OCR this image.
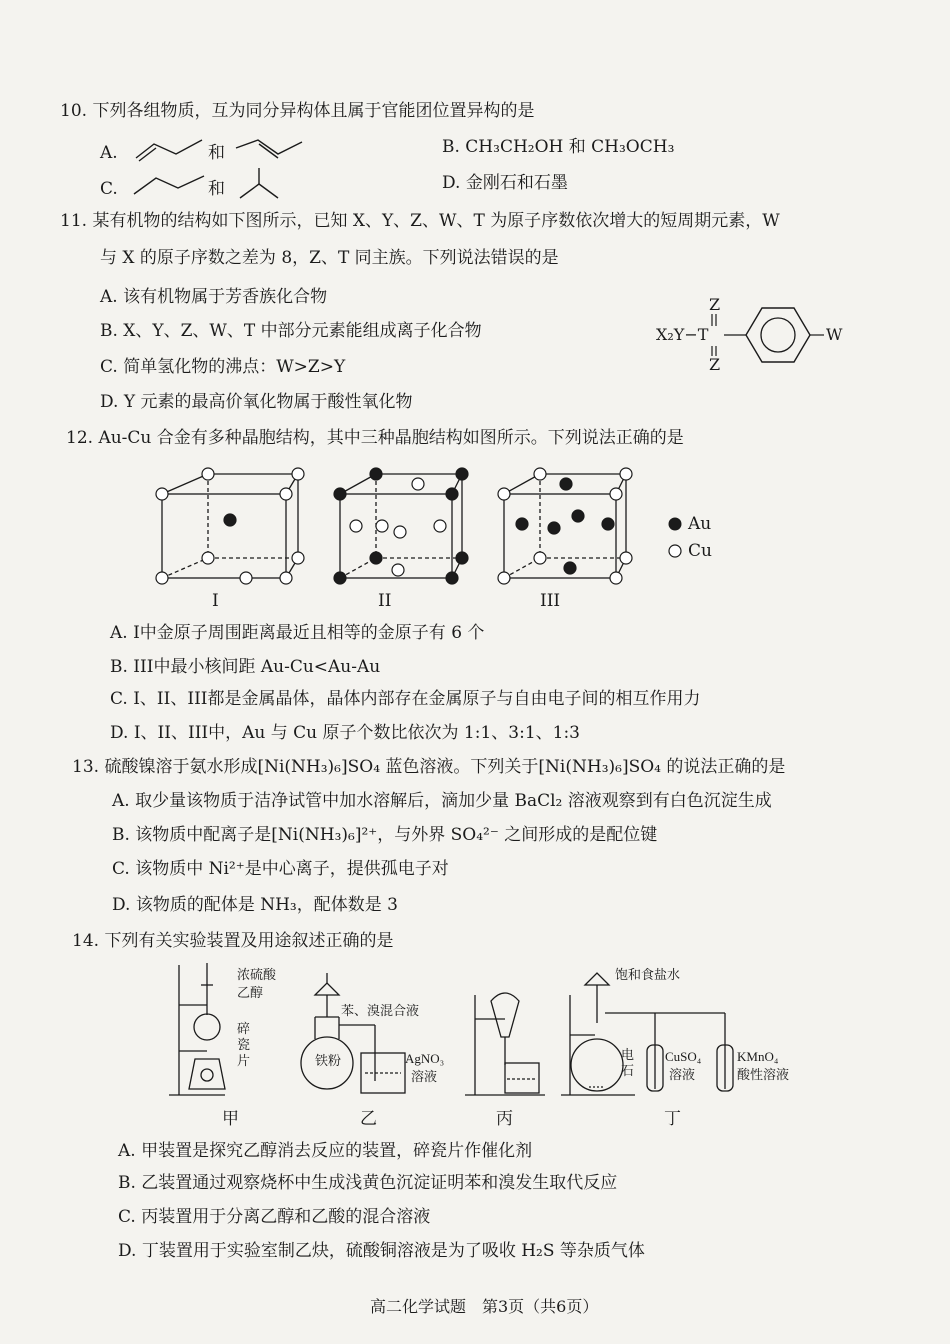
10. 下列各组物质，互为同分异构体且属于官能团位置异构的是
A.	和	B. CH₃CH₂OH 和 CH₃OCH₃
C.	和	D. 金刚石和石墨
11. 某有机物的结构如下图所示，已知 X、Y、Z、W、T 为原子序数依次增大的短周期元素，W
与 X 的原子序数之差为 8，Z、T 同主族。下列说法错误的是
A. 该有机物属于芳香族化合物
B. X、Y、Z、W、T 中部分元素能组成离子化合物
C. 简单氢化物的沸点：W>Z>Y
D. Y 元素的最高价氧化物属于酸性氧化物
Z
X₂Y−T
Z
W
12. Au-Cu 合金有多种晶胞结构，其中三种晶胞结构如图所示。下列说法正确的是
Au
Cu
I	II	III
A. I中金原子周围距离最近且相等的金原子有 6 个
B. III中最小核间距 Au-Cu<Au-Au
C. I、II、III都是金属晶体，晶体内部存在金属原子与自由电子间的相互作用力
D. I、II、III中，Au 与 Cu 原子个数比依次为 1:1、3:1、1:3
13. 硫酸镍溶于氨水形成[Ni(NH₃)₆]SO₄ 蓝色溶液。下列关于[Ni(NH₃)₆]SO₄ 的说法正确的是
A. 取少量该物质于洁净试管中加水溶解后，滴加少量 BaCl₂ 溶液观察到有白色沉淀生成
B. 该物质中配离子是[Ni(NH₃)₆]²⁺，与外界 SO₄²⁻ 之间形成的是配位键
C. 该物质中 Ni²⁺是中心离子，提供孤电子对
D. 该物质的配体是 NH₃，配体数是 3
14. 下列有关实验装置及用途叙述正确的是
浓硫酸
乙醇
碎
瓷
片
苯、溴混合液
铁粉	AgNO₃
溶液
饱和食盐水
电
石
CuSO₄
溶液
KMnO₄
酸性溶液
甲	乙	丙	丁
A. 甲装置是探究乙醇消去反应的装置，碎瓷片作催化剂
B. 乙装置通过观察烧杯中生成浅黄色沉淀证明苯和溴发生取代反应
C. 丙装置用于分离乙醇和乙酸的混合溶液
D. 丁装置用于实验室制乙炔，硫酸铜溶液是为了吸收 H₂S 等杂质气体
高二化学试题　第3页（共6页）
